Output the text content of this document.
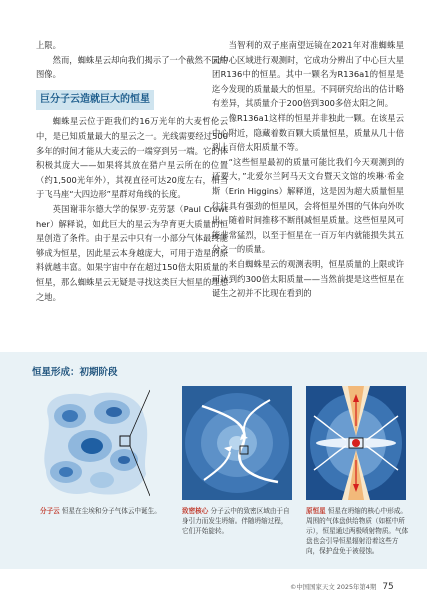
上限。

然而，蜘蛛星云却向我们揭示了一个截然不同的图像。

巨分子云造就巨大的恒星

蜘蛛星云位于距我们约16万光年的大麦哲伦云中，是已知质量最大的星云之一。光线需要经过500多年的时间才能从大麦云的一端穿到另一端。它的体积极其庞大——如果将其放在猎户星云所在的位置（约1,500光年外），其视直径可达20度左右，相当于飞马座“大四边形”星群对角线的长度。

英国谢菲尔德大学的保罗·克劳瑟（Paul Crowther）解释说，如此巨大的星云为孕育更大质量的恒星创造了条件。由于星云中只有一小部分气体最终能够成为恒星，因此星云本身越庞大，可用于造星的原料就越丰富。如果宇宙中存在超过150倍太阳质量的恒星，那么蜘蛛星云无疑是寻找这类巨大恒星的理想之地。

当智利的双子座南望远镜在2021年对准蜘蛛星云中心区域进行观测时，它成功分辨出了中心巨大星团R136中的恒星。其中一颗名为R136a1的恒星是迄今发现的质量最大的恒星。不同研究给出的估计略有差异，其质量介于200倍到300多倍太阳之间。

像R136a1这样的恒星并非独此一颗。在该星云中心附近，隐藏着数百颗大质量恒星，质量从几十倍到上百倍太阳质量不等。

“这些恒星最初的质量可能比我们今天观测到的还要大，”北爱尔兰阿马天文台暨天文馆的埃琳·希金斯（Erin Higgins）解释道，这是因为超大质量恒星往往具有强劲的恒星风，会将恒星外围的气体向外吹出，随着时间推移不断削减恒星质量。这些恒星风可能非常猛烈，以至于恒星在一百万年内就能损失其五分之一的质量。

来自蜘蛛星云的观测表明，恒星质量的上限或许可达到约300倍太阳质量——当然前提是这些恒星在诞生之初并不比现在看到的

恒星形成：初期阶段
分子云 恒星在尘埃和分子气体云中诞生。	致密核心 分子云中的致密区域由于自身引力而发生坍缩。伴随坍缩过程，它们开始旋转。
原恒星 恒星在坍缩的核心中形成。周围的气体盘供给物质（如框中所示），恒星通过两极喷射物质。气体盘也会引导恒星辐射沿着这些方向，保护盘免于被侵蚀。
©中国国家天文 2025年第4期 75
